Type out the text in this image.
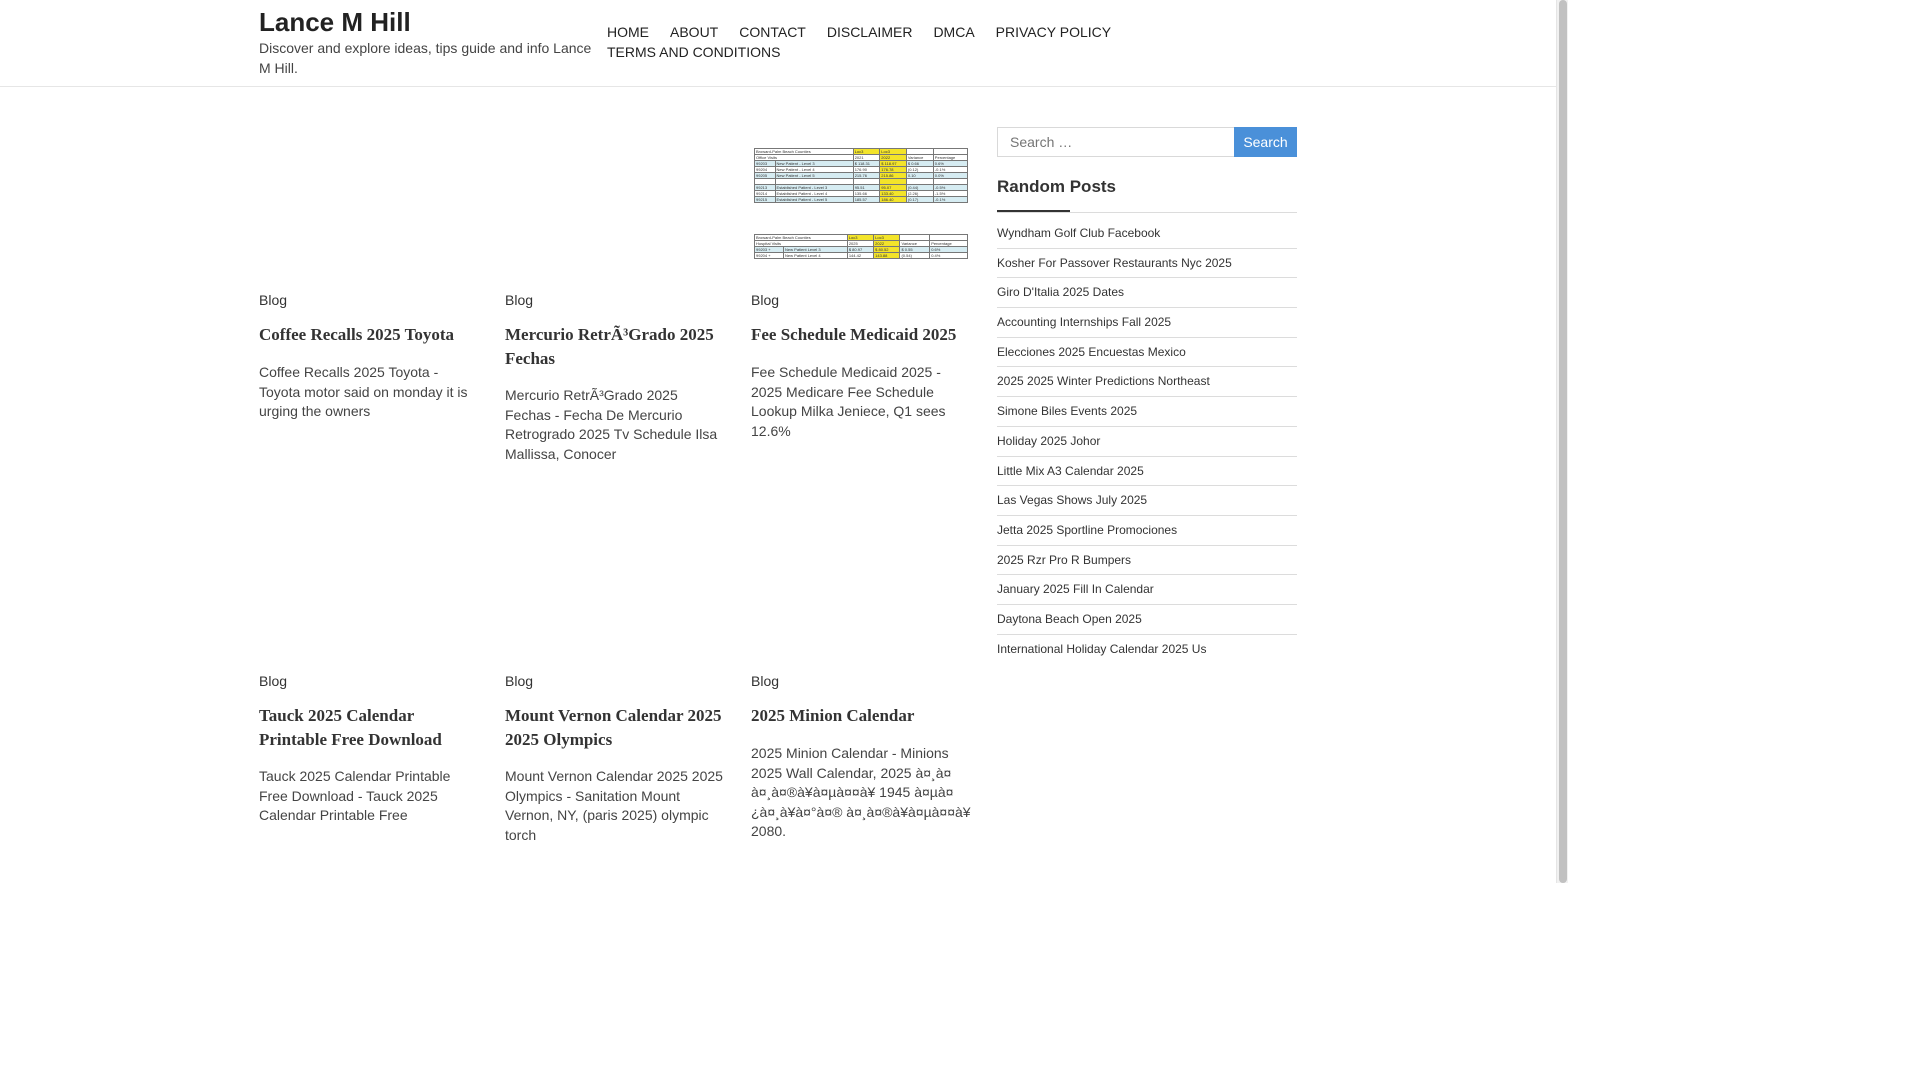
Lance M Hill

Discover and explore ideas, tips guide and info Lance M Hill.

HOME ABOUT CONTACT DISCLAIMER DMCA PRIVACY POLICYTERMS AND CONDITIONS
Blog
Coffee Recalls 2025 Toyota

Coffee Recalls 2025 Toyota - Toyota motor said on monday it is urging the owners

Blog
Mercurio RetrÃ³Grado 2025 Fechas

Mercurio RetrÃ³Grado 2025 Fechas - Fecha De Mercurio Retrogrado 2025 Tv Schedule Ilsa Mallissa, Conocer

Broward-Palm Beach Counties		Loc3	Loc3		
Office Visits		2021	2022	Variance	Percentage
99203	New Patient - Level 3	$ 118.31	$ 118.97	$ 0.66	0.6%
99204	New Patient - Level 4	176.90	176.78	(0.12)	-0.1%
99205	New Patient - Level 5	215.76	215.86	0.10	0.0%

99213	Established Patient - Level 3	95.51	95.07	(0.44)	-0.5%
99214	Established Patient - Level 4	135.66	133.40	(2.26)	-1.5%
99215	Established Patient - Level 5	185.57	186.40	(0.17)	-0.1%
Broward-Palm Beach Counties		Loc3	Loc3		
Hospital Visits		2025	2022	Variance	Percentage
99203 +	New Patient Level 3	$ 80.97	$ 80.52	$ 0.55	0.6%
99204 +	New Patient Level 4	144.42	143.88	(0.54)	0.4%
Blog
Fee Schedule Medicaid 2025

Fee Schedule Medicaid 2025 - 2025 Medicare Fee Schedule Lookup Milka Jeniece, Q1 sees 12.6%

Blog
Tauck 2025 Calendar Printable Free Download

Tauck 2025 Calendar Printable Free Download - Tauck 2025 Calendar Printable Free

Blog
Mount Vernon Calendar 2025 2025 Olympics

Mount Vernon Calendar 2025 2025 Olympics - Sanitation Mount Vernon, NY, (paris 2025) olympic torch

Blog
2025 Minion Calendar

2025 Minion Calendar - Minions 2025 Wall Calendar, 2025 à¤¸à¤ à¤¸à¤®à¥à¤µà¤¤à¥ 1945 à¤µà¤¿à¤¸à¥à¤°à¤® à¤¸à¤®à¥à¤µà¤¤à¥ 2080.

Search …
Search
Random Posts
Wyndham Golf Club Facebook
Kosher For Passover Restaurants Nyc 2025
Giro D'Italia 2025 Dates
Accounting Internships Fall 2025
Elecciones 2025 Encuestas Mexico
2025 2025 Winter Predictions Northeast
Simone Biles Events 2025
Holiday 2025 Johor
Little Mix A3 Calendar 2025
Las Vegas Shows July 2025
Jetta 2025 Sportline Promociones
2025 Rzr Pro R Bumpers
January 2025 Fill In Calendar
Daytona Beach Open 2025
International Holiday Calendar 2025 Us
